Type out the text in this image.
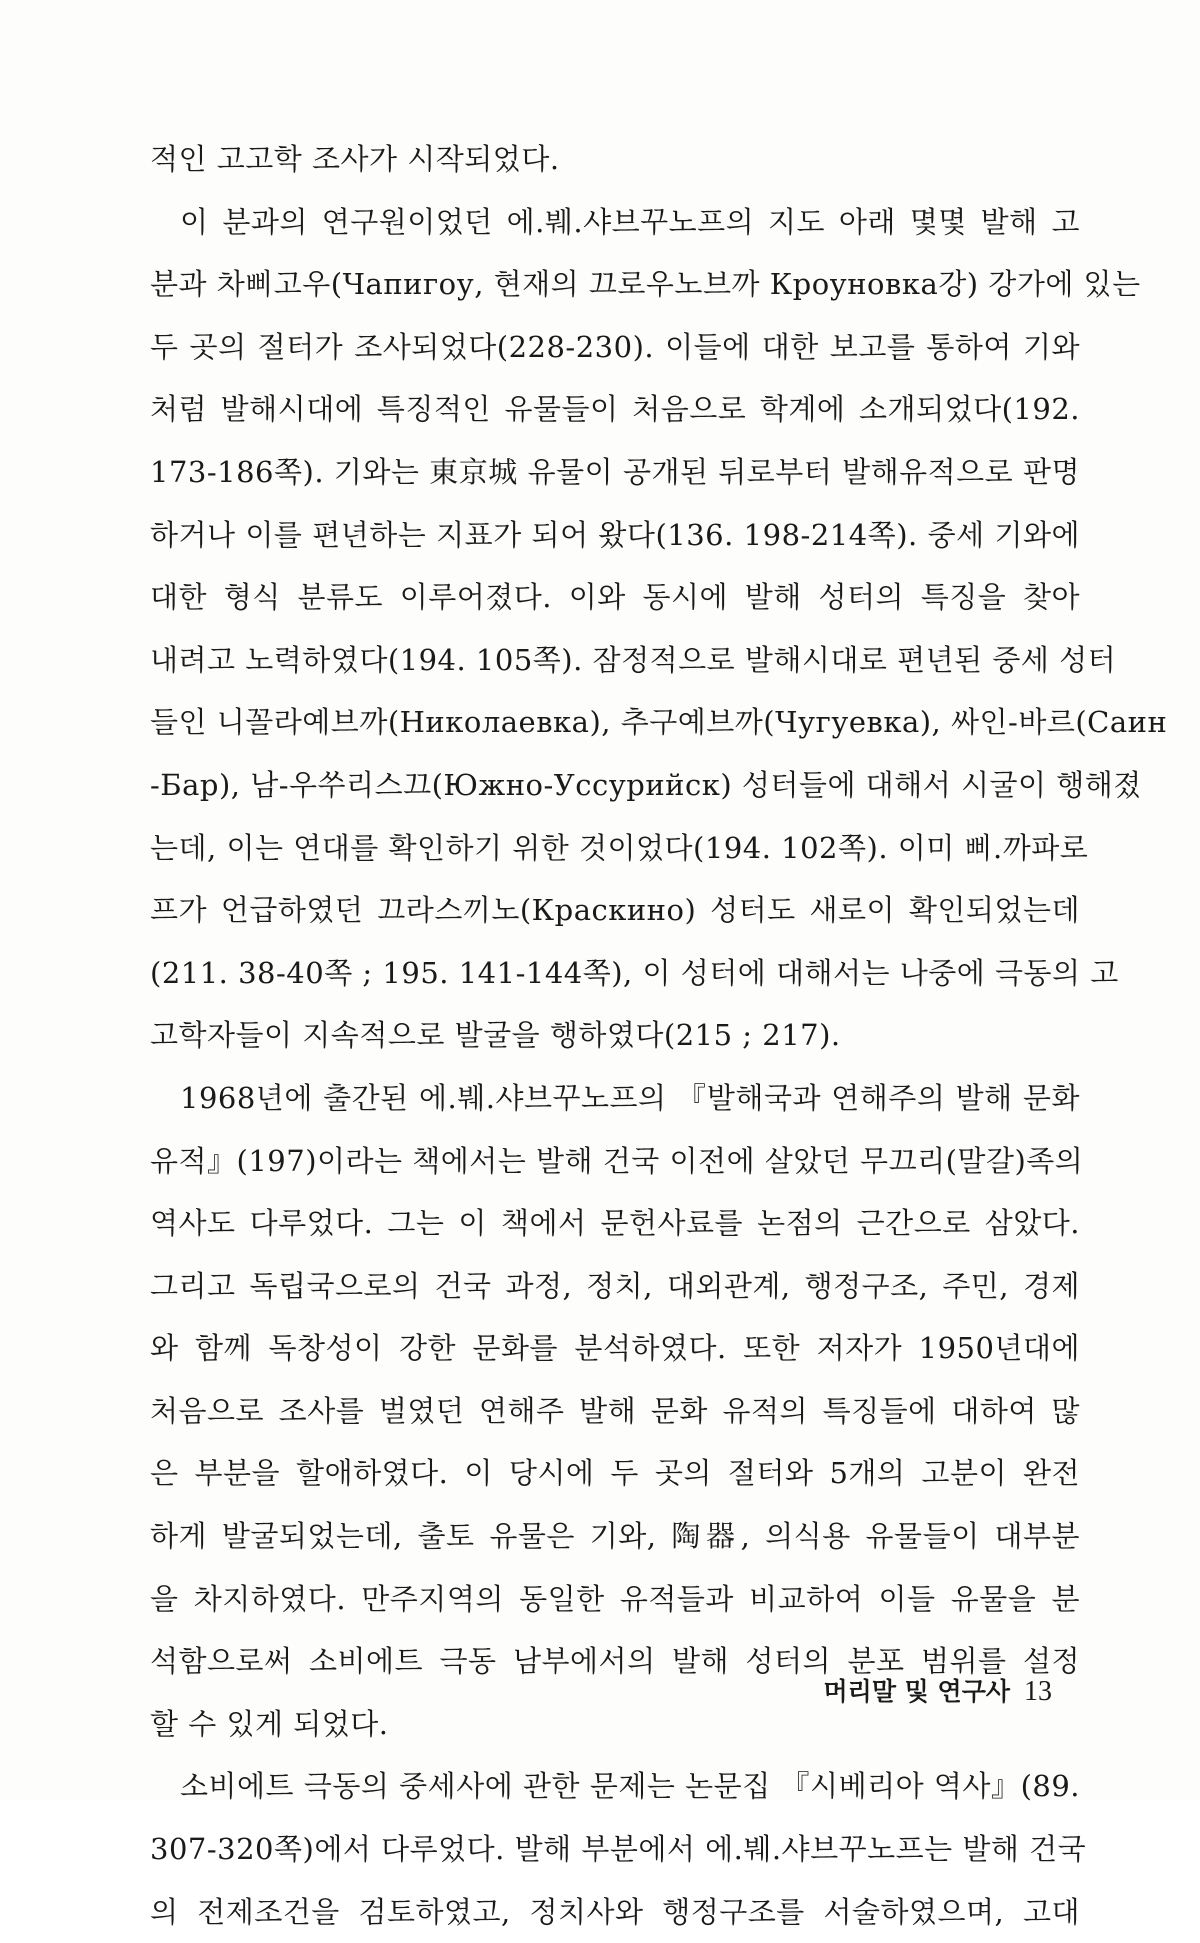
적인 고고학 조사가 시작되었다.
이 분과의 연구원이었던 에.붸.샤브꾸노프의 지도 아래 몇몇 발해 고
분과 차삐고우(Чапигоу, 현재의 끄로우노브까 Кроуновка강) 강가에 있는
두 곳의 절터가 조사되었다(228-230). 이들에 대한 보고를 통하여 기와
처럼 발해시대에 특징적인 유물들이 처음으로 학계에 소개되었다(192.
173-186쪽). 기와는 東京城 유물이 공개된 뒤로부터 발해유적으로 판명
하거나 이를 편년하는 지표가 되어 왔다(136. 198-214쪽). 중세 기와에
대한 형식 분류도 이루어졌다. 이와 동시에 발해 성터의 특징을 찾아
내려고 노력하였다(194. 105쪽). 잠정적으로 발해시대로 편년된 중세 성터
들인 니꼴라예브까(Николаевка), 추구예브까(Чугуевка), 싸인-바르(Саин
-Бар), 남-우쑤리스끄(Южно-Уссурийск) 성터들에 대해서 시굴이 행해졌
는데, 이는 연대를 확인하기 위한 것이었다(194. 102쪽). 이미 삐.까파로
프가 언급하였던 끄라스끼노(Краскино) 성터도 새로이 확인되었는데
(211. 38-40쪽 ; 195. 141-144쪽), 이 성터에 대해서는 나중에 극동의 고
고학자들이 지속적으로 발굴을 행하였다(215 ; 217).
1968년에 출간된 에.붸.샤브꾸노프의 『발해국과 연해주의 발해 문화
유적』(197)이라는 책에서는 발해 건국 이전에 살았던 무끄리(말갈)족의
역사도 다루었다. 그는 이 책에서 문헌사료를 논점의 근간으로 삼았다.
그리고 독립국으로의 건국 과정, 정치, 대외관계, 행정구조, 주민, 경제
와 함께 독창성이 강한 문화를 분석하였다. 또한 저자가 1950년대에
처음으로 조사를 벌였던 연해주 발해 문화 유적의 특징들에 대하여 많
은 부분을 할애하였다. 이 당시에 두 곳의 절터와 5개의 고분이 완전
하게 발굴되었는데, 출토 유물은 기와, 陶器, 의식용 유물들이 대부분
을 차지하였다. 만주지역의 동일한 유적들과 비교하여 이들 유물을 분
석함으로써 소비에트 극동 남부에서의 발해 성터의 분포 범위를 설정
할 수 있게 되었다.
소비에트 극동의 중세사에 관한 문제는 논문집 『시베리아 역사』(89.
307-320쪽)에서 다루었다. 발해 부분에서 에.붸.샤브꾸노프는 발해 건국
의 전제조건을 검토하였고, 정치사와 행정구조를 서술하였으며, 고대
머리말 및 연구사 13
